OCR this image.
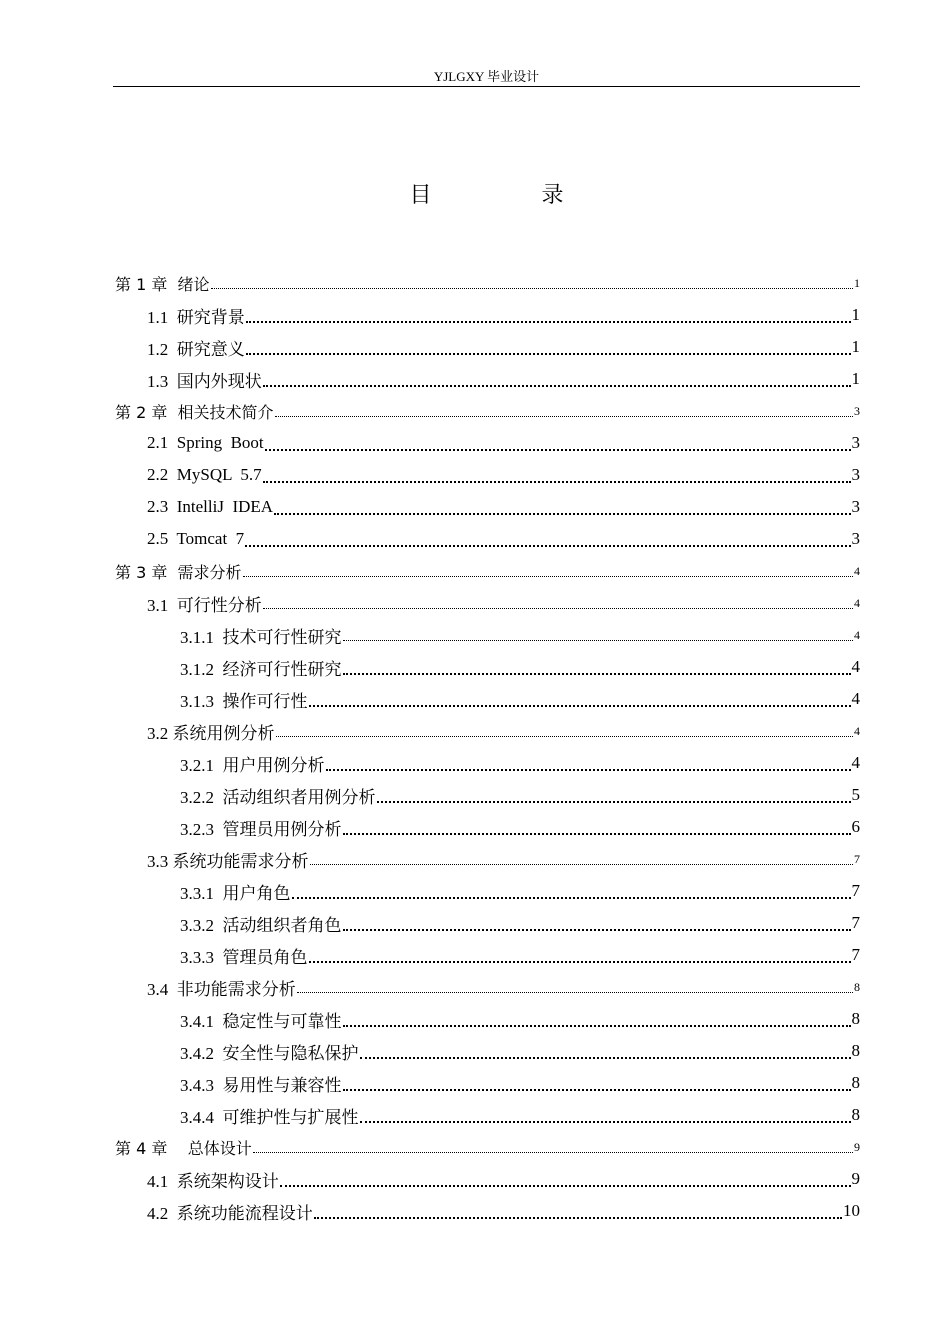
YJLGXY 毕业设计
目　录
第 1 章  绪论	1
1.1  研究背景	1
1.2  研究意义	1
1.3  国内外现状	1
第 2 章  相关技术简介	3
2.1  Spring  Boot	3
2.2  MySQL  5.7	3
2.3  IntelliJ  IDEA	3
2.5  Tomcat  7	3
第 3 章  需求分析	4
3.1  可行性分析	4
3.1.1  技术可行性研究	4
3.1.2  经济可行性研究	4
3.1.3  操作可行性	4
3.2 系统用例分析	4
3.2.1  用户用例分析	4
3.2.2  活动组织者用例分析	5
3.2.3  管理员用例分析	6
3.3 系统功能需求分析	7
3.3.1  用户角色	7
3.3.2  活动组织者角色	7
3.3.3  管理员角色	7
3.4  非功能需求分析	8
3.4.1  稳定性与可靠性	8
3.4.2  安全性与隐私保护	8
3.4.3  易用性与兼容性	8
3.4.4  可维护性与扩展性	8
第 4 章    总体设计	9
4.1  系统架构设计	9
4.2  系统功能流程设计	10
